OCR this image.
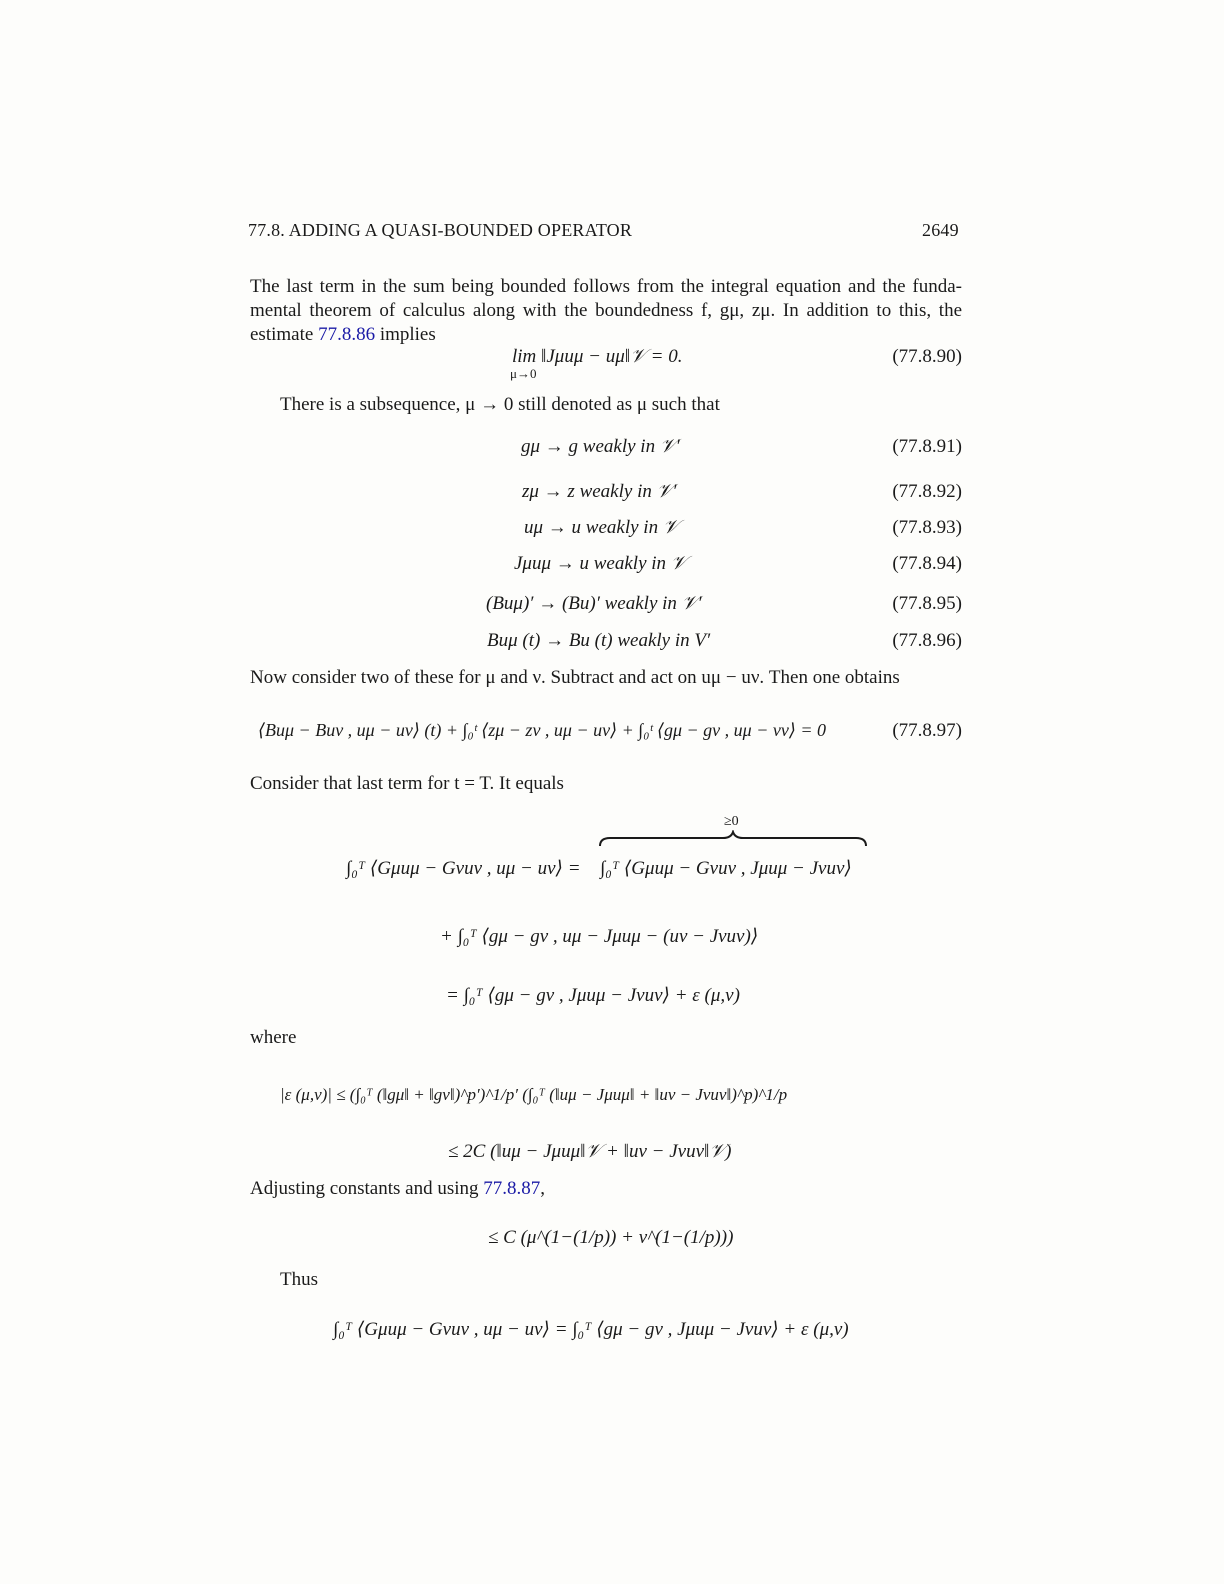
77.8. ADDING A QUASI-BOUNDED OPERATOR	2649
The last term in the sum being bounded follows from the integral equation and the funda-
mental theorem of calculus along with the boundedness f, gμ, zμ. In addition to this, the
estimate 77.8.86 implies
lim ‖Jμuμ − uμ‖𝒱 = 0.
μ→0
(77.8.90)
There is a subsequence, μ → 0 still denoted as μ such that
gμ → g weakly in 𝒱′	(77.8.91)
zμ → z weakly in 𝒱′	(77.8.92)
uμ → u weakly in 𝒱	(77.8.93)
Jμuμ → u weakly in 𝒱	(77.8.94)
(Buμ)′ → (Bu)′ weakly in 𝒱′	(77.8.95)
Buμ (t) → Bu (t) weakly in V′	(77.8.96)
Now consider two of these for μ and ν. Subtract and act on uμ − uν. Then one obtains
⟨Buμ − Buν , uμ − uν⟩ (t) + ∫₀ᵗ ⟨zμ − zν , uμ − uν⟩ + ∫₀ᵗ ⟨gμ − gν , uμ − vν⟩ = 0	(77.8.97)
Consider that last term for t = T. It equals
≥0
∫₀ᵀ ⟨Gμuμ − Gνuν , uμ − uν⟩ = ∫₀ᵀ ⟨Gμuμ − Gνuν , Jμuμ − Jνuν⟩
+ ∫₀ᵀ ⟨gμ − gν , uμ − Jμuμ − (uν − Jνuν)⟩
= ∫₀ᵀ ⟨gμ − gν , Jμuμ − Jνuν⟩ + ε (μ,ν)
where
|ε (μ,ν)| ≤ (∫₀ᵀ (‖gμ‖ + ‖gν‖)^p′)^1/p′ (∫₀ᵀ (‖uμ − Jμuμ‖ + ‖uν − Jνuν‖)^p)^1/p
≤ 2C (‖uμ − Jμuμ‖𝒱 + ‖uν − Jνuν‖𝒱)
Adjusting constants and using 77.8.87,
≤ C (μ^(1−(1/p)) + ν^(1−(1/p)))
Thus
∫₀ᵀ ⟨Gμuμ − Gνuν , uμ − uν⟩ = ∫₀ᵀ ⟨gμ − gν , Jμuμ − Jνuν⟩ + ε (μ,ν)
